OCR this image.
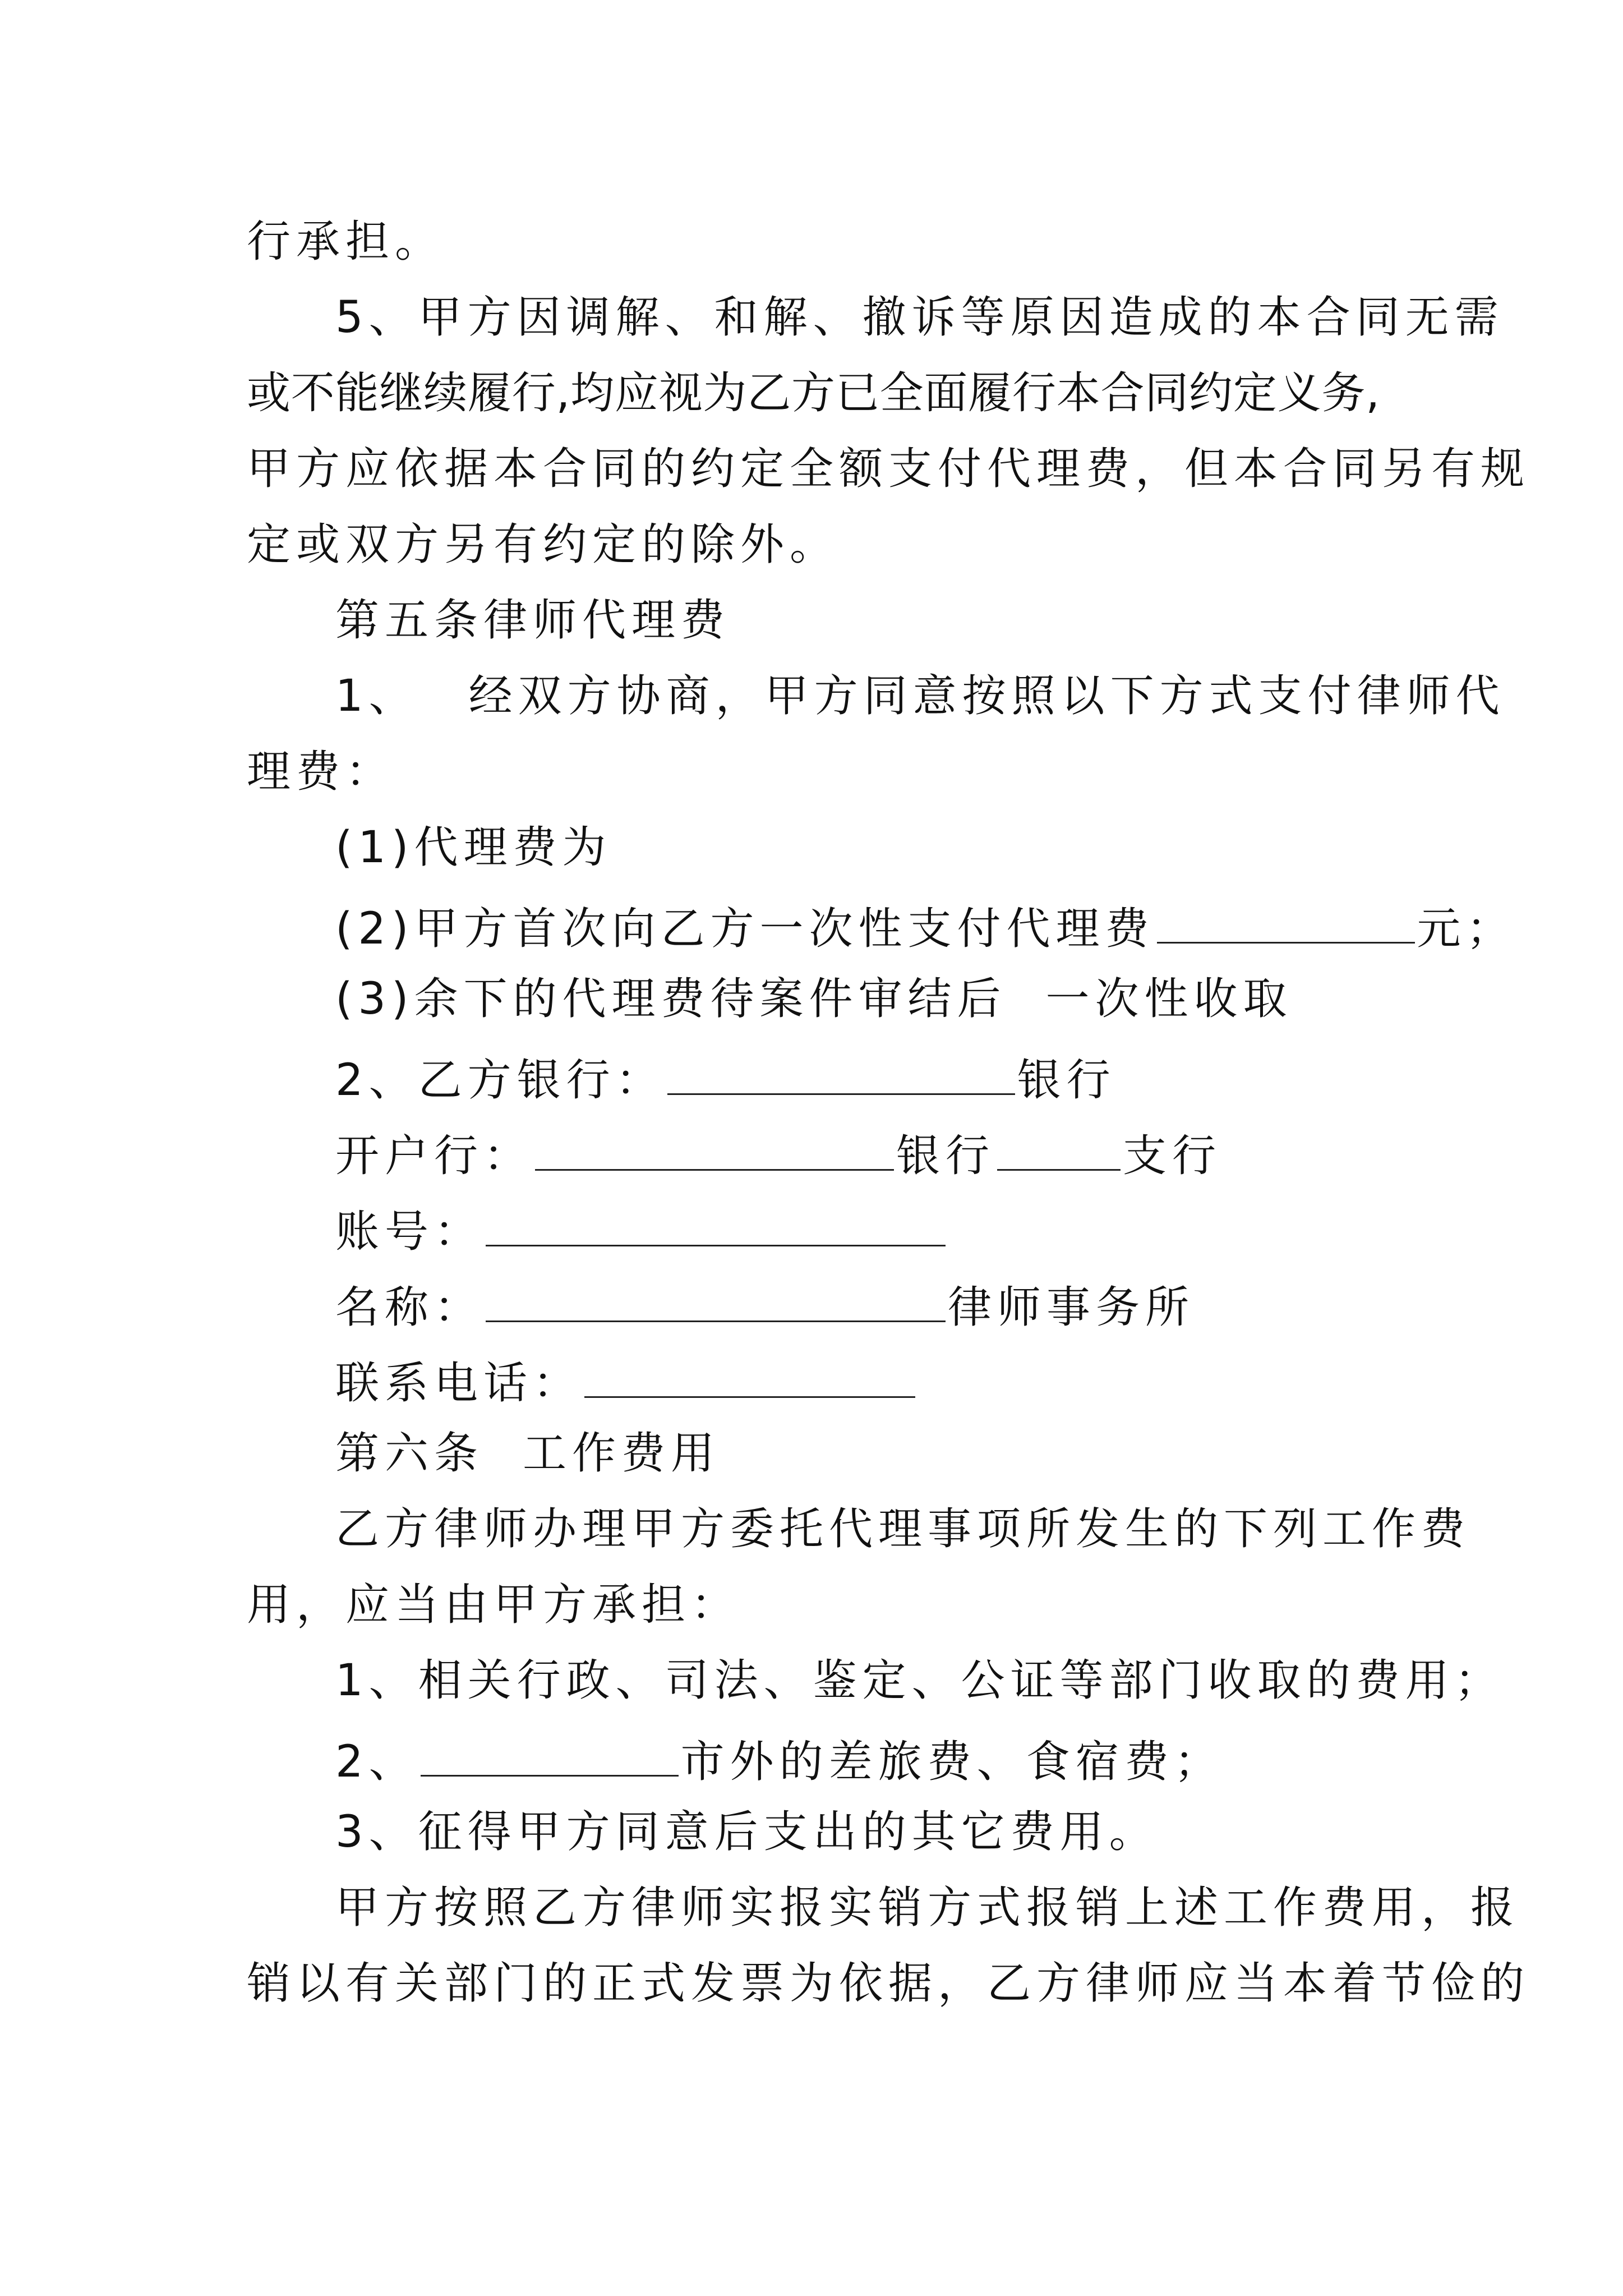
行承担。
5、甲方因调解、和解、撤诉等原因造成的本合同无需
或不能继续履行,均应视为乙方已全面履行本合同约定义务,
甲方应依据本合同的约定全额支付代理费，但本合同另有规
定或双方另有约定的除外。
第五条律师代理费
1、 经双方协商，甲方同意按照以下方式支付律师代
理费：
(1)代理费为
(2)甲方首次向乙方一次性支付代理费	元；
(3)余下的代理费待案件审结后 一次性收取
2、乙方银行：	银行
开户行：	银行	支行
账号：
名称：	律师事务所
联系电话：
第六条 工作费用
乙方律师办理甲方委托代理事项所发生的下列工作费
用，应当由甲方承担：
1、相关行政、司法、鉴定、公证等部门收取的费用；
2、	市外的差旅费、食宿费；
3、征得甲方同意后支出的其它费用。
甲方按照乙方律师实报实销方式报销上述工作费用，报
销以有关部门的正式发票为依据，乙方律师应当本着节俭的
